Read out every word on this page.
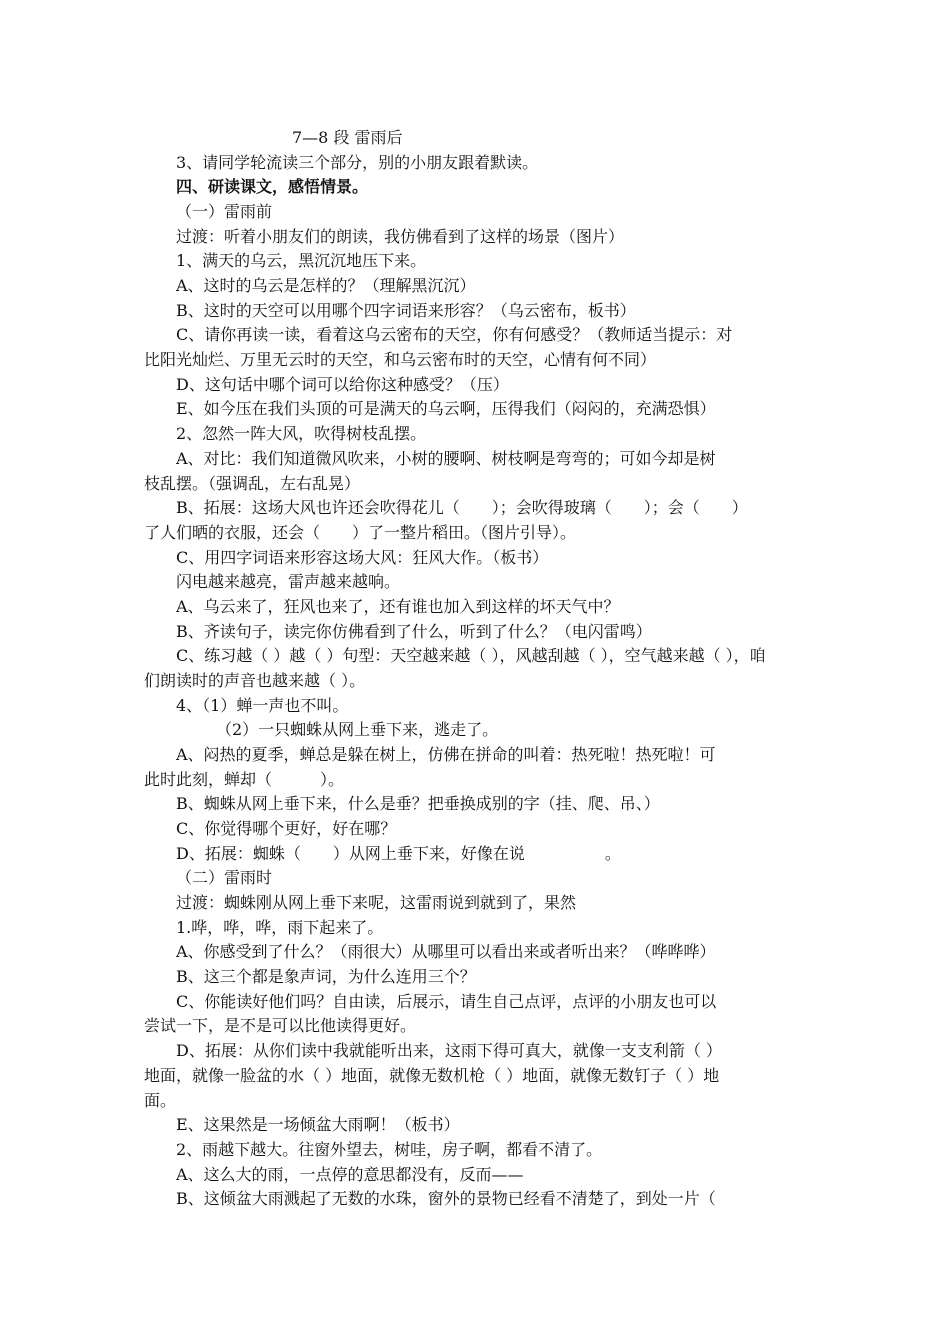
7—8 段 雷雨后
3、请同学轮流读三个部分，别的小朋友跟着默读。
四、研读课文，感悟情景。
（一）雷雨前
过渡：听着小朋友们的朗读，我仿佛看到了这样的场景（图片）
1、满天的乌云，黑沉沉地压下来。
A、这时的乌云是怎样的？（理解黑沉沉）
B、这时的天空可以用哪个四字词语来形容？（乌云密布，板书）
C、请你再读一读，看着这乌云密布的天空，你有何感受？（教师适当提示：对
比阳光灿烂、万里无云时的天空，和乌云密布时的天空，心情有何不同）
D、这句话中哪个词可以给你这种感受？（压）
E、如今压在我们头顶的可是满天的乌云啊，压得我们（闷闷的，充满恐惧）
2、忽然一阵大风，吹得树枝乱摆。
A、对比：我们知道微风吹来，小树的腰啊、树枝啊是弯弯的；可如今却是树
枝乱摆。（强调乱，左右乱晃）
B、拓展：这场大风也许还会吹得花儿（　　）；会吹得玻璃（　　）；会（　　）
了人们晒的衣服，还会（　　）了一整片稻田。（图片引导）。
C、用四字词语来形容这场大风：狂风大作。（板书）
闪电越来越亮，雷声越来越响。
A、乌云来了，狂风也来了，还有谁也加入到这样的坏天气中？
B、齐读句子，读完你仿佛看到了什么，听到了什么？（电闪雷鸣）
C、练习越（ ）越（ ）句型：天空越来越（ ），风越刮越（ ），空气越来越（ ），咱
们朗读时的声音也越来越（ ）。
4、（1）蝉一声也不叫。
（2）一只蜘蛛从网上垂下来，逃走了。
A、闷热的夏季，蝉总是躲在树上，仿佛在拼命的叫着：热死啦！热死啦！可
此时此刻，蝉却（　　　）。
B、蜘蛛从网上垂下来，什么是垂？把垂换成别的字（挂、爬、吊、）
C、你觉得哪个更好，好在哪？
D、拓展：蜘蛛（　　）从网上垂下来，好像在说　　　　　。
（二）雷雨时
过渡：蜘蛛刚从网上垂下来呢，这雷雨说到就到了，果然
1.哗，哗，哗，雨下起来了。
A、你感受到了什么？（雨很大）从哪里可以看出来或者听出来？（哗哗哗）
B、这三个都是象声词，为什么连用三个？
C、你能读好他们吗？自由读，后展示，请生自己点评，点评的小朋友也可以
尝试一下，是不是可以比他读得更好。
D、拓展：从你们读中我就能听出来，这雨下得可真大，就像一支支利箭（ ）
地面，就像一脸盆的水（ ）地面，就像无数机枪（ ）地面，就像无数钉子（ ）地
面。
E、这果然是一场倾盆大雨啊！（板书）
2、雨越下越大。往窗外望去，树哇，房子啊，都看不清了。
A、这么大的雨，一点停的意思都没有，反而——
B、这倾盆大雨溅起了无数的水珠，窗外的景物已经看不清楚了，到处一片（
